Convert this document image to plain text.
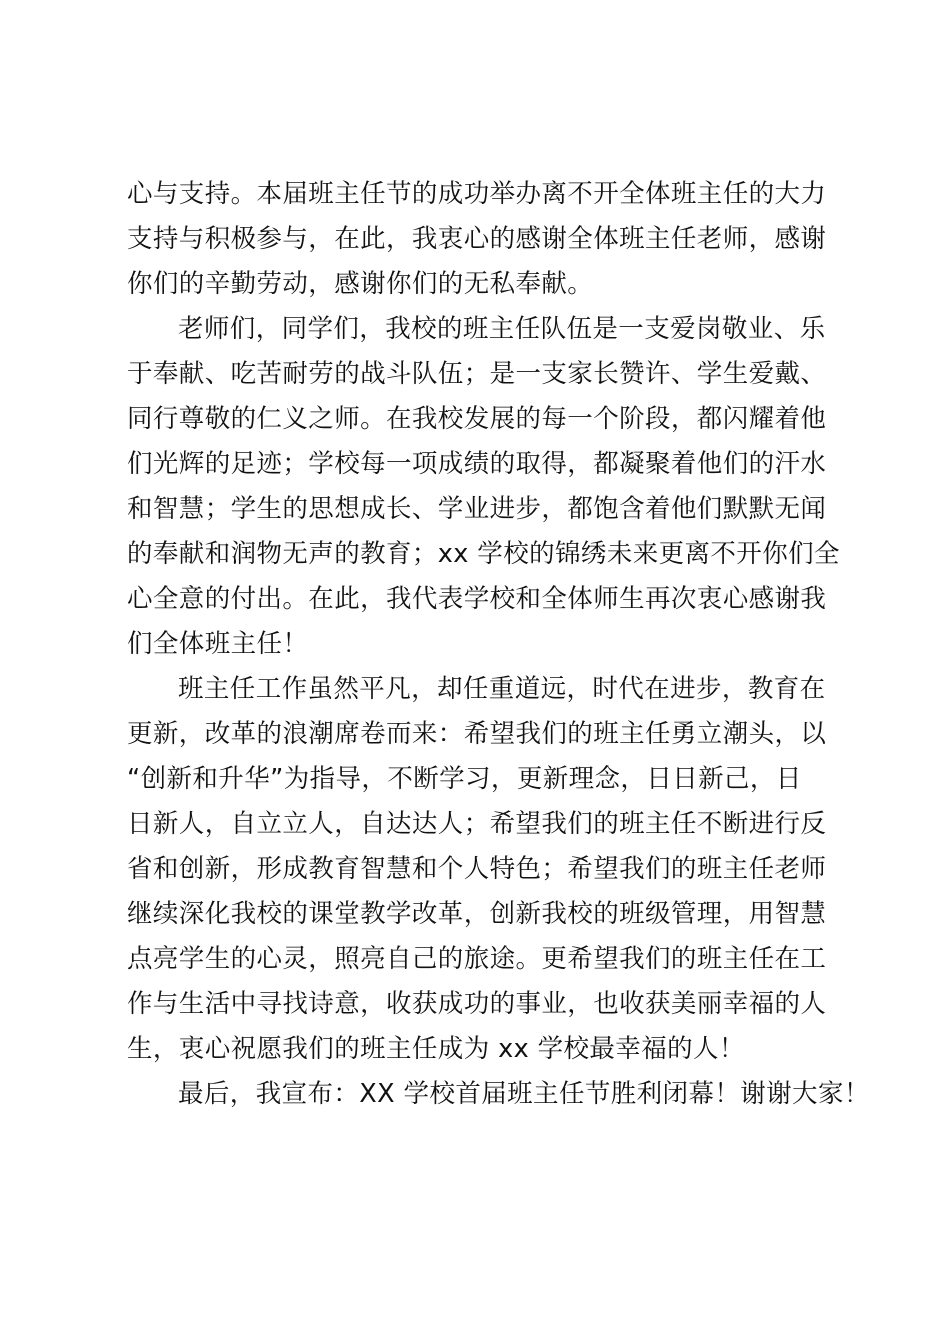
心与支持。本届班主任节的成功举办离不开全体班主任的大力
支持与积极参与，在此，我衷心的感谢全体班主任老师，感谢
你们的辛勤劳动，感谢你们的无私奉献。
老师们，同学们，我校的班主任队伍是一支爱岗敬业、乐
于奉献、吃苦耐劳的战斗队伍；是一支家长赞许、学生爱戴、
同行尊敬的仁义之师。在我校发展的每一个阶段，都闪耀着他
们光辉的足迹；学校每一项成绩的取得，都凝聚着他们的汗水
和智慧；学生的思想成长、学业进步，都饱含着他们默默无闻
的奉献和润物无声的教育；xx 学校的锦绣未来更离不开你们全
心全意的付出。在此，我代表学校和全体师生再次衷心感谢我
们全体班主任！
班主任工作虽然平凡，却任重道远，时代在进步，教育在
更新，改革的浪潮席卷而来：希望我们的班主任勇立潮头，以
“创新和升华”为指导，不断学习，更新理念，日日新己，日
日新人，自立立人，自达达人；希望我们的班主任不断进行反
省和创新，形成教育智慧和个人特色；希望我们的班主任老师
继续深化我校的课堂教学改革，创新我校的班级管理，用智慧
点亮学生的心灵，照亮自己的旅途。更希望我们的班主任在工
作与生活中寻找诗意，收获成功的事业，也收获美丽幸福的人
生，衷心祝愿我们的班主任成为 xx 学校最幸福的人！
最后，我宣布：XX 学校首届班主任节胜利闭幕！谢谢大家！
